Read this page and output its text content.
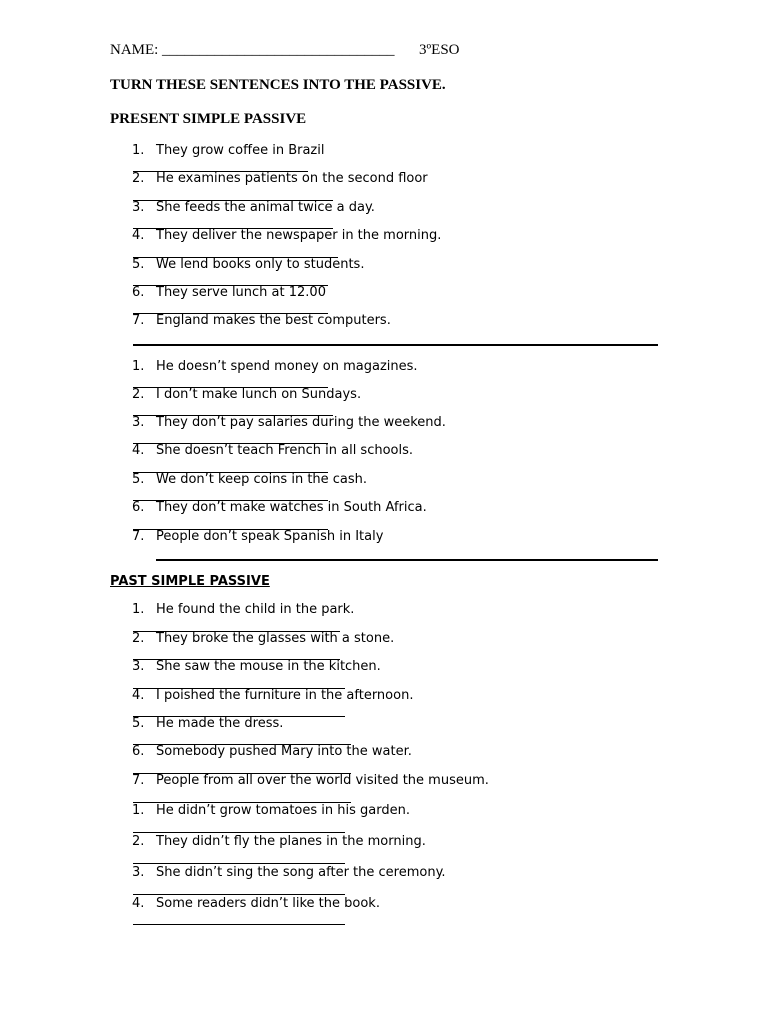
NAME: _______________________________ 3ºESO
TURN THESE SENTENCES INTO THE PASSIVE.
PRESENT SIMPLE PASSIVE
1. They grow coffee in Brazil
2. He examines patients on the second floor
3. She feeds the animal twice a day.
4. They deliver the newspaper in the morning.
5. We lend books only to students.
6. They serve lunch at 12.00
7. England makes the best computers.
1. He doesn’t spend money on magazines.
2. I don’t make lunch on Sundays.
3. They don’t pay salaries during the weekend.
4. She doesn’t teach French in all schools.
5. We don’t keep coins in the cash.
6. They don’t make watches in South Africa.
7. People don’t speak Spanish in Italy
PAST SIMPLE PASSIVE
1. He found the child in the park.
2. They broke the glasses with a stone.
3. She saw the mouse in the kitchen.
4. I poished the furniture in the afternoon.
5. He made the dress.
6. Somebody pushed Mary into the water.
7. People from all over the world visited the museum.
1. He didn’t grow tomatoes in his garden.
2. They didn’t fly the planes in the morning.
3. She didn’t sing the song after the ceremony.
4. Some readers didn’t like the book.
